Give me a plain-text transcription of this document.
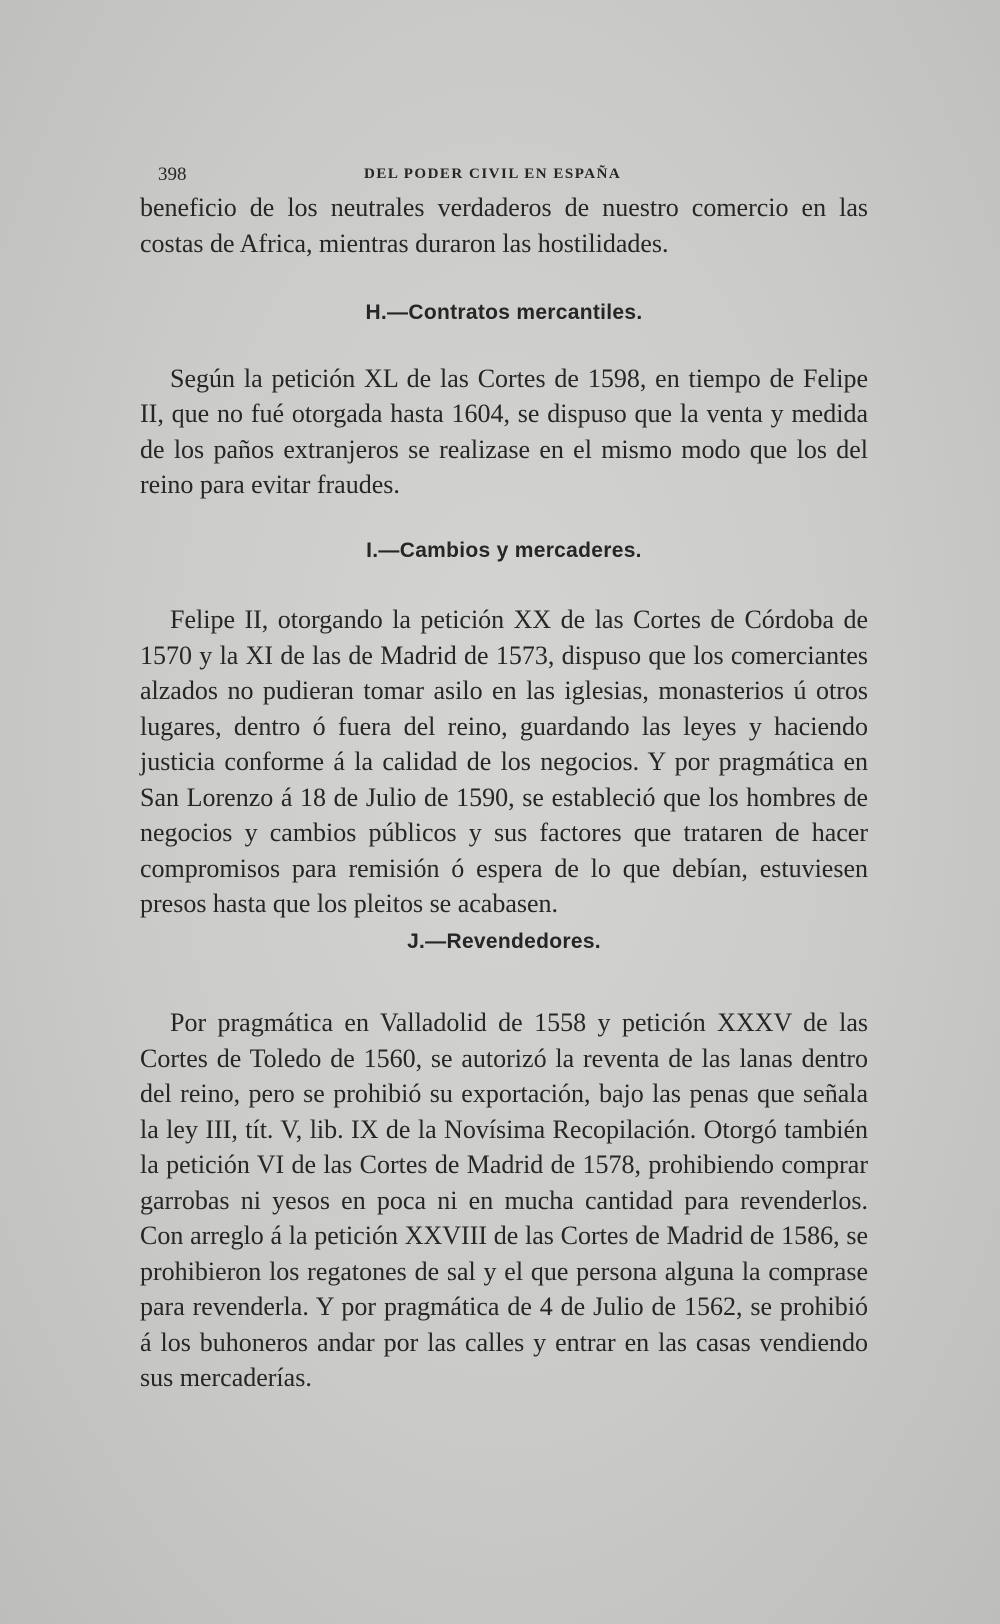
398	DEL PODER CIVIL EN ESPAÑA

beneficio de los neutrales verdaderos de nuestro comercio en las costas de Africa, mientras duraron las hostilidades.

H.—Contratos mercantiles.

Según la petición XL de las Cortes de 1598, en tiempo de Felipe II, que no fué otorgada hasta 1604, se dispuso que la venta y medida de los paños extranjeros se realizase en el mismo modo que los del reino para evitar fraudes.

I.—Cambios y mercaderes.

Felipe II, otorgando la petición XX de las Cortes de Córdoba de 1570 y la XI de las de Madrid de 1573, dispuso que los comerciantes alzados no pudieran tomar asilo en las iglesias, monasterios ú otros lugares, dentro ó fuera del reino, guardando las leyes y haciendo justicia conforme á la calidad de los negocios. Y por pragmática en San Lorenzo á 18 de Julio de 1590, se estableció que los hombres de negocios y cambios públicos y sus factores que trataren de hacer compromisos para remisión ó espera de lo que debían, estuviesen presos hasta que los pleitos se acabasen.

J.—Revendedores.

Por pragmática en Valladolid de 1558 y petición XXXV de las Cortes de Toledo de 1560, se autorizó la reventa de las lanas dentro del reino, pero se prohibió su exportación, bajo las penas que señala la ley III, tít. V, lib. IX de la Novísima Recopilación. Otorgó también la petición VI de las Cortes de Madrid de 1578, prohibiendo comprar garrobas ni yesos en poca ni en mucha cantidad para revenderlos. Con arreglo á la petición XXVIII de las Cortes de Madrid de 1586, se prohibieron los regatones de sal y el que persona alguna la comprase para revenderla. Y por pragmática de 4 de Julio de 1562, se prohibió á los buhoneros andar por las calles y entrar en las casas vendiendo sus mercaderías.
